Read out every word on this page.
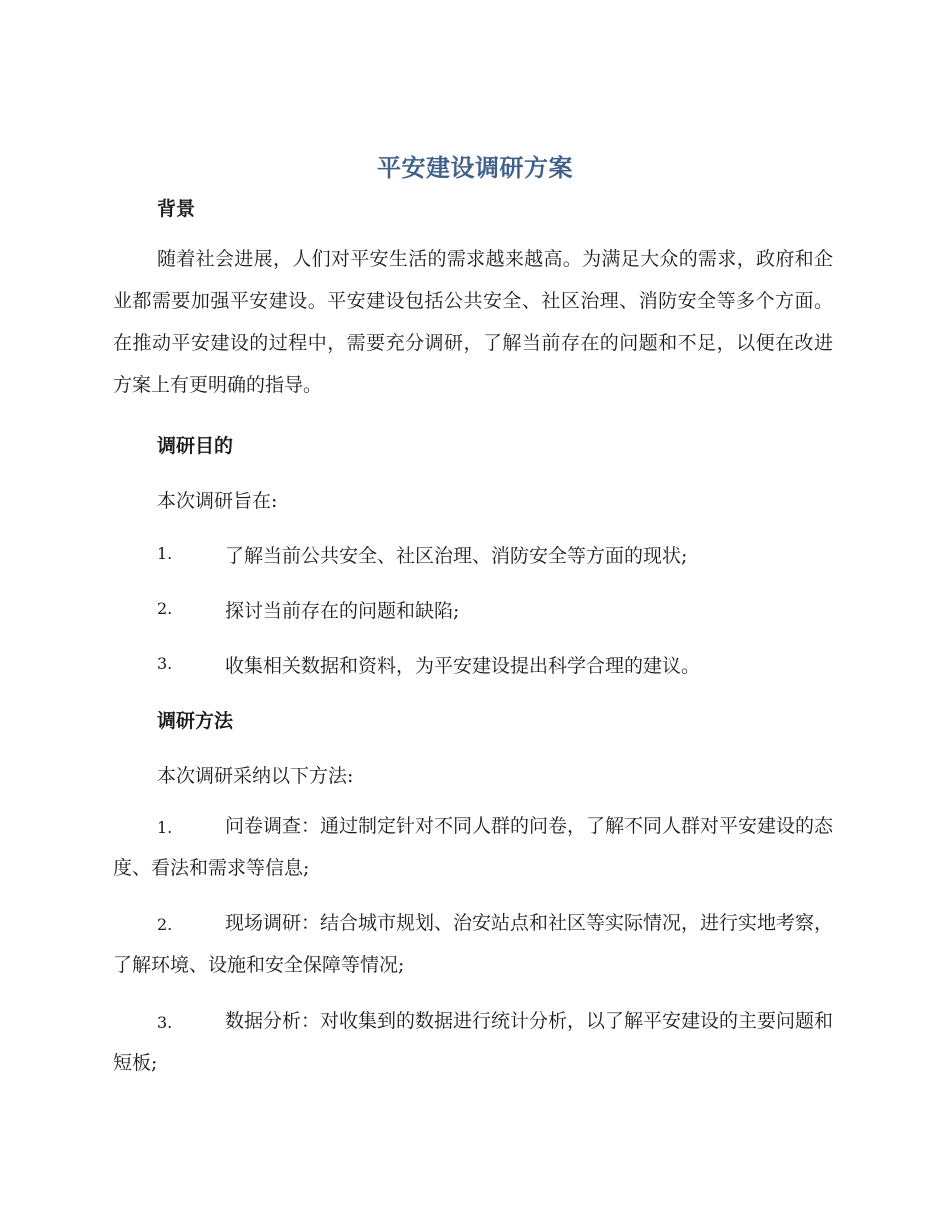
平安建设调研方案
背景

随着社会进展，人们对平安生活的需求越来越高。为满足大众的需求，政府和企业都需要加强平安建设。平安建设包括公共安全、社区治理、消防安全等多个方面。在推动平安建设的过程中，需要充分调研，了解当前存在的问题和不足，以便在改进方案上有更明确的指导。

调研目的
本次调研旨在:
1.	了解当前公共安全、社区治理、消防安全等方面的现状;
2.	探讨当前存在的问题和缺陷;
3.	收集相关数据和资料，为平安建设提出科学合理的建议。
调研方法
本次调研采纳以下方法:
1.	问卷调查：通过制定针对不同人群的问卷，了解不同人群对平安建设的态度、看法和需求等信息;

2.	现场调研：结合城市规划、治安站点和社区等实际情况，进行实地考察，了解环境、设施和安全保障等情况;

3.	数据分析：对收集到的数据进行统计分析，以了解平安建设的主要问题和短板;
